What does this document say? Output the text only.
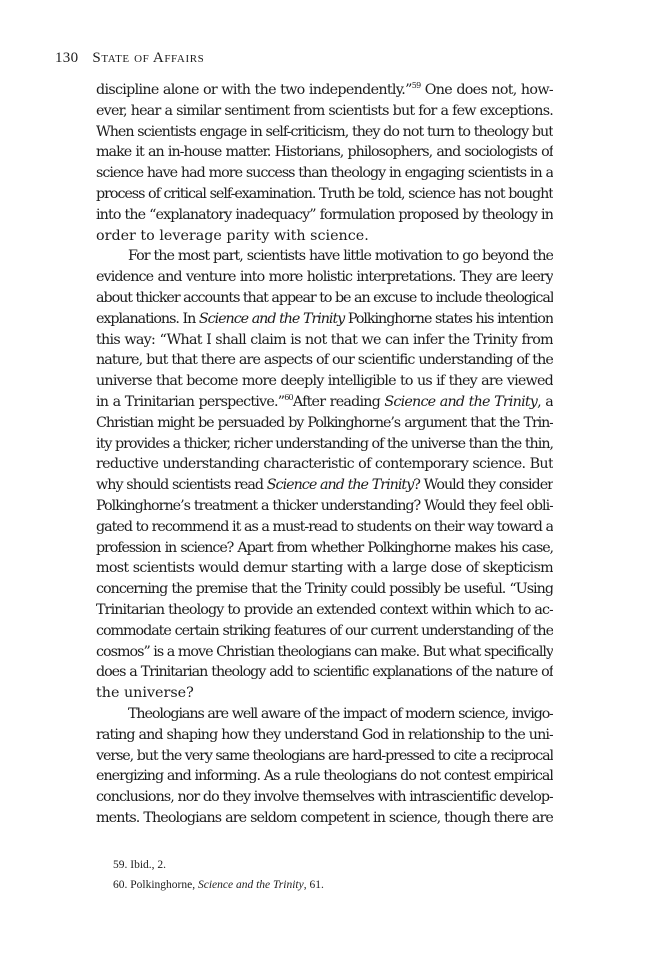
130 State of Affairs
discipline alone or with the two independently.”$^{59}$ One does not, how-
ever, hear a similar sentiment from scientists but for a few exceptions.
When scientists engage in self-criticism, they do not turn to theology but
make it an in-house matter. Historians, philosophers, and sociologists of
science have had more success than theology in engaging scientists in a
process of critical self-examination. Truth be told, science has not bought
into the “explanatory inadequacy” formulation proposed by theology in
order to leverage parity with science.
For the most part, scientists have little motivation to go beyond the
evidence and venture into more holistic interpretations. They are leery
about thicker accounts that appear to be an excuse to include theological
explanations. In Science and the Trinity Polkinghorne states his intention
this way: “What I shall claim is not that we can infer the Trinity from
nature, but that there are aspects of our scientific understanding of the
universe that become more deeply intelligible to us if they are viewed
in a Trinitarian perspective.”$^{60}$After reading Science and the Trinity, a
Christian might be persuaded by Polkinghorne’s argument that the Trin-
ity provides a thicker, richer understanding of the universe than the thin,
reductive understanding characteristic of contemporary science. But
why should scientists read Science and the Trinity? Would they consider
Polkinghorne’s treatment a thicker understanding? Would they feel obli-
gated to recommend it as a must-read to students on their way toward a
profession in science? Apart from whether Polkinghorne makes his case,
most scientists would demur starting with a large dose of skepticism
concerning the premise that the Trinity could possibly be useful. “Using
Trinitarian theology to provide an extended context within which to ac-
commodate certain striking features of our current understanding of the
cosmos” is a move Christian theologians can make. But what specifically
does a Trinitarian theology add to scientific explanations of the nature of
the universe?
Theologians are well aware of the impact of modern science, invigo-
rating and shaping how they understand God in relationship to the uni-
verse, but the very same theologians are hard-pressed to cite a reciprocal
energizing and informing. As a rule theologians do not contest empirical
conclusions, nor do they involve themselves with intrascientific develop-
ments. Theologians are seldom competent in science, though there are
59. Ibid., 2.
60. Polkinghorne, Science and the Trinity, 61.
